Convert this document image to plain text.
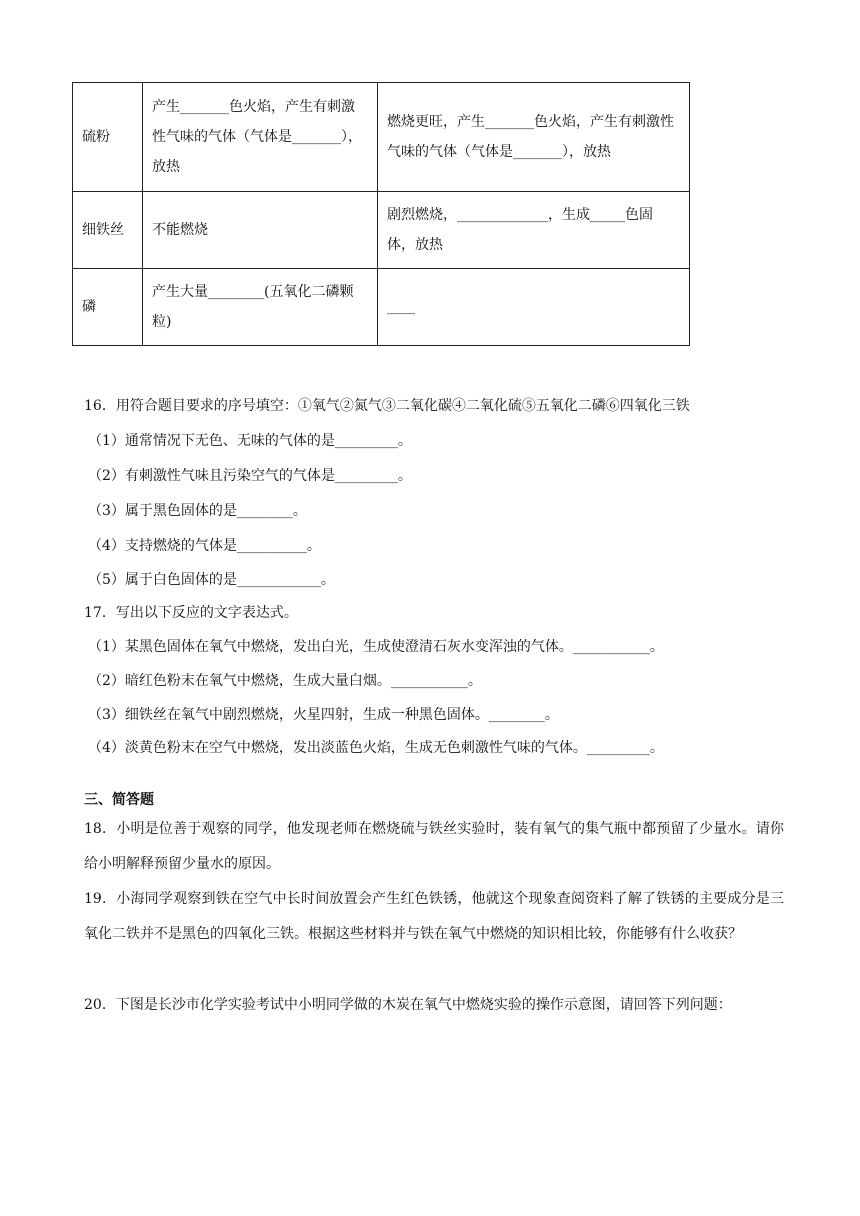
硫粉	产生_______色火焰，产生有刺激性气味的气体（气体是_______），放热	燃烧更旺，产生_______色火焰，产生有刺激性气味的气体（气体是_______），放热
细铁丝	不能燃烧	剧烈燃烧，_____________，生成_____色固体，放热
磷	产生大量________(五氧化二磷颗粒)	____
16．用符合题目要求的序号填空：①氧气②氮气③二氧化碳④二氧化硫⑤五氧化二磷⑥四氧化三铁
（1）通常情况下无色、无味的气体的是_________。
（2）有刺激性气味且污染空气的气体是_________。
（3）属于黑色固体的是________。
（4）支持燃烧的气体是__________。
（5）属于白色固体的是____________。
17．写出以下反应的文字表达式。
（1）某黑色固体在氧气中燃烧，发出白光，生成使澄清石灰水变浑浊的气体。___________。
（2）暗红色粉末在氧气中燃烧，生成大量白烟。___________。
（3）细铁丝在氧气中剧烈燃烧，火星四射，生成一种黑色固体。________。
（4）淡黄色粉末在空气中燃烧，发出淡蓝色火焰，生成无色刺激性气味的气体。_________。
三、简答题
18．小明是位善于观察的同学，他发现老师在燃烧硫与铁丝实验时，装有氧气的集气瓶中都预留了少量水。请你给小明解释预留少量水的原因。
19．小海同学观察到铁在空气中长时间放置会产生红色铁锈，他就这个现象查阅资料了解了铁锈的主要成分是三氧化二铁并不是黑色的四氧化三铁。根据这些材料并与铁在氧气中燃烧的知识相比较，你能够有什么收获？
20．下图是长沙市化学实验考试中小明同学做的木炭在氧气中燃烧实验的操作示意图，请回答下列问题：
